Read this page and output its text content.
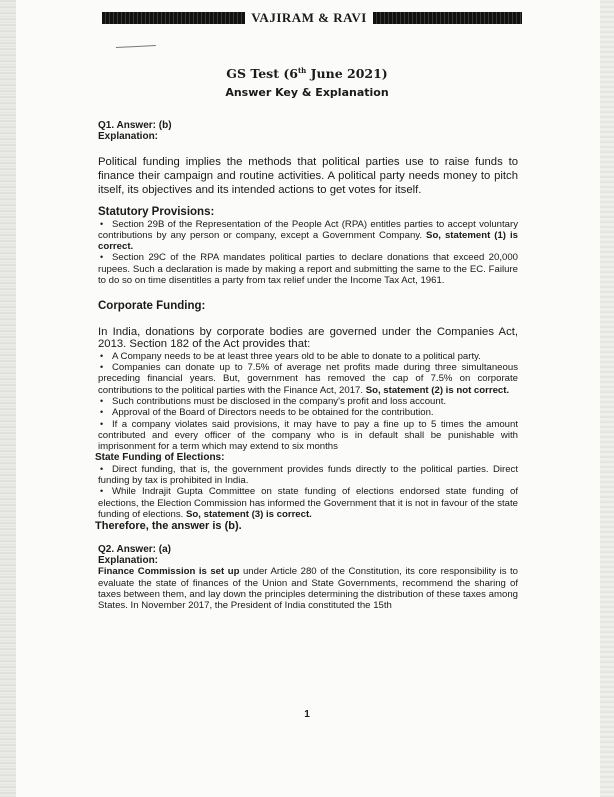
VAJIRAM & RAVI
GS Test (6th June 2021)
Answer Key & Explanation

Q1. Answer: (b)

Explanation:

Political funding implies the methods that political parties use to raise funds to finance their campaign and routine activities. A political party needs money to pitch itself, its objectives and its intended actions to get votes for itself.

Statutory Provisions:

• Section 29B of the Representation of the People Act (RPA) entitles parties to accept voluntary contributions by any person or company, except a Government Company. So, statement (1) is correct.
• Section 29C of the RPA mandates political parties to declare donations that exceed 20,000 rupees. Such a declaration is made by making a report and submitting the same to the EC. Failure to do so on time disentitles a party from tax relief under the Income Tax Act, 1961.

Corporate Funding:

In India, donations by corporate bodies are governed under the Companies Act, 2013. Section 182 of the Act provides that:

• A Company needs to be at least three years old to be able to donate to a political party.
• Companies can donate up to 7.5% of average net profits made during three simultaneous preceding financial years. But, government has removed the cap of 7.5% on corporate contributions to the political parties with the Finance Act, 2017. So, statement (2) is not correct.
• Such contributions must be disclosed in the company's profit and loss account.
• Approval of the Board of Directors needs to be obtained for the contribution.
• If a company violates said provisions, it may have to pay a fine up to 5 times the amount contributed and every officer of the company who is in default shall be punishable with imprisonment for a term which may extend to six months

State Funding of Elections:

• Direct funding, that is, the government provides funds directly to the political parties. Direct funding by tax is prohibited in India.
• While Indrajit Gupta Committee on state funding of elections endorsed state funding of elections, the Election Commission has informed the Government that it is not in favour of the state funding of elections. So, statement (3) is correct.

Therefore, the answer is (b).

Q2. Answer: (a)

Explanation:

Finance Commission is set up under Article 280 of the Constitution, its core responsibility is to evaluate the state of finances of the Union and State Governments, recommend the sharing of taxes between them, and lay down the principles determining the distribution of these taxes among States. In November 2017, the President of India constituted the 15th

1
